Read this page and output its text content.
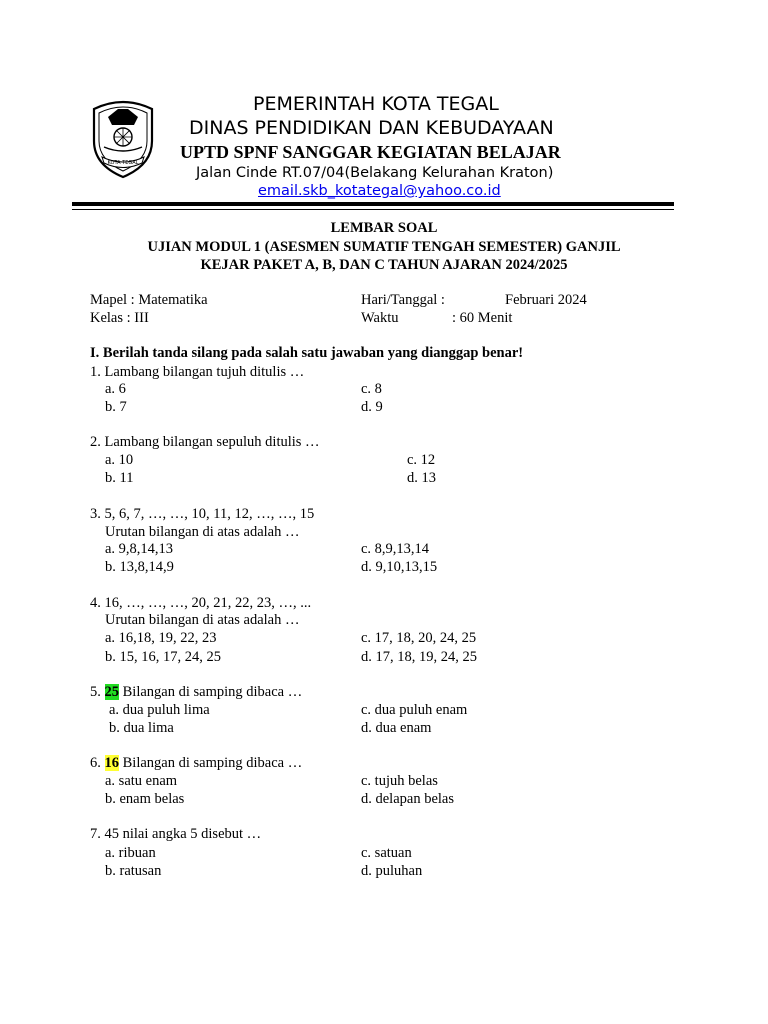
KOTA TEGAL
PEMERINTAH KOTA TEGAL
DINAS PENDIDIKAN DAN KEBUDAYAAN
UPTD SPNF SANGGAR KEGIATAN BELAJAR
Jalan Cinde RT.07/04(Belakang Kelurahan Kraton)
email.skb_kotategal@yahoo.co.id
LEMBAR SOAL
UJIAN MODUL 1 (ASESMEN SUMATIF TENGAH SEMESTER) GANJIL
KEJAR PAKET A, B, DAN C TAHUN AJARAN 2024/2025
Mapel : Matematika
Kelas : III
Hari/Tanggal :	Februari 2024
Waktu	: 60 Menit
I. Berilah tanda silang pada salah satu jawaban yang dianggap benar!
1. Lambang bilangan tujuh ditulis …
a. 6
b. 7
c. 8
d. 9
2. Lambang bilangan sepuluh ditulis …
a. 10
b. 11
c. 12
d. 13
3. 5, 6, 7, …, …, 10, 11, 12, …, …, 15
Urutan bilangan di atas adalah …
a. 9,8,14,13
b. 13,8,14,9
c. 8,9,13,14
d. 9,10,13,15
4. 16, …, …, …, 20, 21, 22, 23, …, ...
Urutan bilangan di atas adalah …
a. 16,18, 19, 22, 23
b. 15, 16, 17, 24, 25
c. 17, 18, 20, 24, 25
d. 17, 18, 19, 24, 25
5. 25 Bilangan di samping dibaca …
a. dua puluh lima
b. dua lima
c. dua puluh enam
d. dua enam
6. 16 Bilangan di samping dibaca …
a. satu enam
b. enam belas
c. tujuh belas
d. delapan belas
7. 45 nilai angka 5 disebut …
a. ribuan
b. ratusan
c. satuan
d. puluhan
